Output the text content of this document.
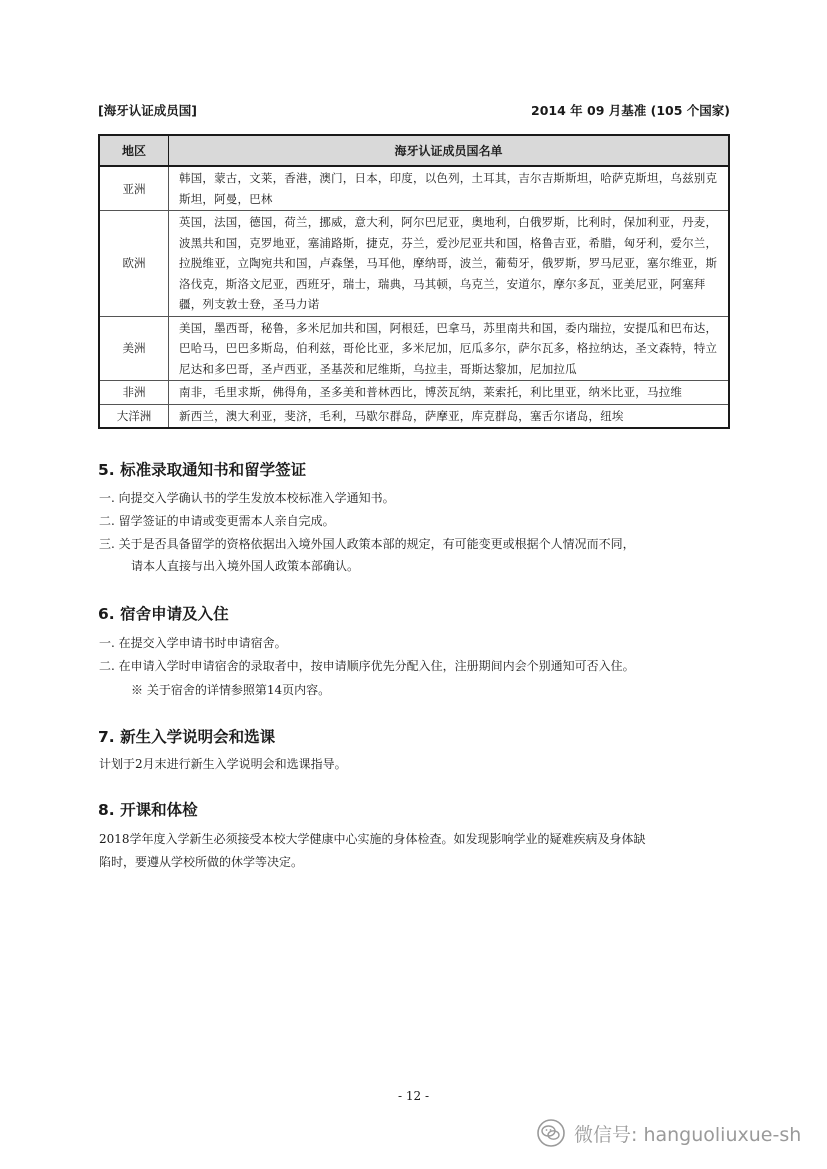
[海牙认证成员国]	2014 年 09 月基准 (105 个国家)
地区	海牙认证成员国名单
亚洲	韩国，蒙古，文莱，香港，澳门，日本，印度，以色列，土耳其，吉尔吉斯斯坦，哈萨克斯坦，乌兹别克斯坦，阿曼，巴林
欧洲	英国，法国，德国，荷兰，挪威，意大利，阿尔巴尼亚，奥地利，白俄罗斯，比利时，保加利亚，丹麦，波黑共和国，克罗地亚，塞浦路斯，捷克，芬兰，爱沙尼亚共和国，格鲁吉亚，希腊，匈牙利，爱尔兰，拉脱维亚，立陶宛共和国，卢森堡，马耳他，摩纳哥，波兰，葡萄牙，俄罗斯，罗马尼亚，塞尔维亚，斯洛伐克，斯洛文尼亚，西班牙，瑞士，瑞典，马其顿，乌克兰，安道尔，摩尔多瓦，亚美尼亚，阿塞拜疆，列支敦士登，圣马力诺
美洲	美国，墨西哥，秘鲁，多米尼加共和国，阿根廷，巴拿马，苏里南共和国，委内瑞拉，安提瓜和巴布达，巴哈马，巴巴多斯岛，伯利兹，哥伦比亚，多米尼加，厄瓜多尔，萨尔瓦多，格拉纳达，圣文森特，特立尼达和多巴哥，圣卢西亚，圣基茨和尼维斯，乌拉圭，哥斯达黎加，尼加拉瓜
非洲	南非，毛里求斯，佛得角，圣多美和普林西比，博茨瓦纳，莱索托，利比里亚，纳米比亚，马拉维
大洋洲	新西兰，澳大利亚，斐济，毛利，马歇尔群岛，萨摩亚，库克群岛，塞舌尔诸岛，纽埃
5. 标准录取通知书和留学签证
一. 向提交入学确认书的学生发放本校标准入学通知书。
二. 留学签证的申请或变更需本人亲自完成。
三. 关于是否具备留学的资格依据出入境外国人政策本部的规定，有可能变更或根据个人情况而不同，
请本人直接与出入境外国人政策本部确认。
6. 宿舍申请及入住
一. 在提交入学申请书时申请宿舍。
二. 在申请入学时申请宿舍的录取者中，按申请顺序优先分配入住，注册期间内会个别通知可否入住。
※ 关于宿舍的详情参照第14页内容。
7. 新生入学说明会和选课
计划于2月末进行新生入学说明会和选课指导。
8. 开课和体检
2018学年度入学新生必须接受本校大学健康中心实施的身体检查。如发现影响学业的疑难疾病及身体缺
陷时，要遵从学校所做的休学等决定。
- 12 -
微信号: hanguoliuxue-sh
